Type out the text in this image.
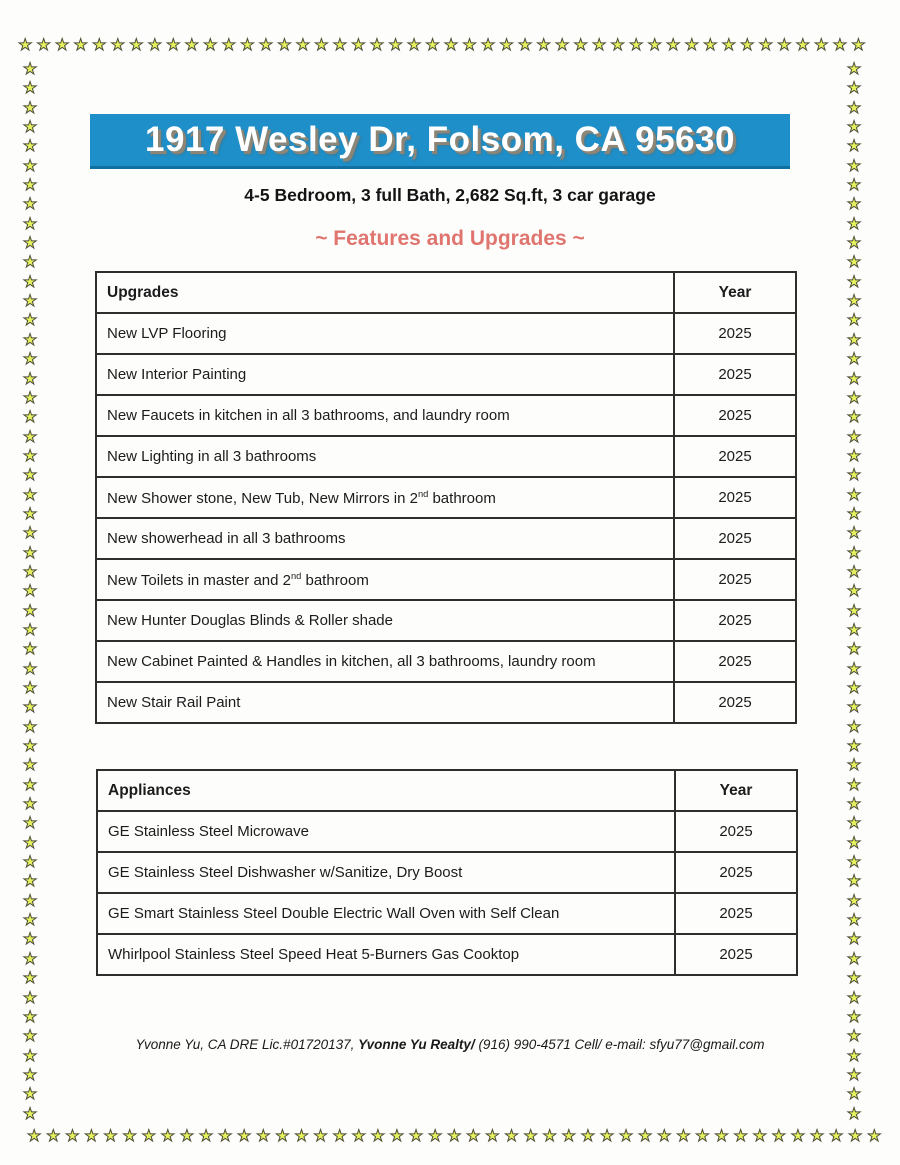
★ ★ ★ ★ ★ ★ ★ ★ ★ ★ ★ ★ ★ ★ ★ ★ ★ ★ ★ ★ ★ ★ ★ ★ ★ ★ ★ ★ ★ ★ ★ ★ ★ ★ ★ ★ ★ ★ ★ ★ ★ ★ ★ ★ ★ ★
★ ★ ★ ★ ★ ★ ★ ★ ★ ★ ★ ★ ★ ★ ★ ★ ★ ★ ★ ★ ★ ★ ★ ★ ★ ★ ★ ★ ★ ★ ★ ★ ★ ★ ★ ★ ★ ★ ★ ★ ★ ★ ★ ★ ★
★
★
★
★
★
★
★
★
★
★
★
★
★
★
★
★
★
★
★
★
★
★
★
★
★
★
★
★
★
★
★
★
★
★
★
★
★
★
★
★
★
★
★
★
★
★
★
★
★
★
★
★
★
★
★
★
★
★
★
★
★
★
★
★
★
★
★
★
★
★
★
★
★
★
★
★
★
★
★
★
★
★
★
★
★
★
★
★
★
★
★
★
★
★
★
★
★
★
★
★
★
★
★
★
★
★
★
★
★
★
1917 Wesley Dr, Folsom, CA 95630
4-5 Bedroom, 3 full Bath, 2,682 Sq.ft, 3 car garage
~ Features and Upgrades ~
Upgrades	Year
New LVP Flooring	2025
New Interior Painting	2025
New Faucets in kitchen in all 3 bathrooms, and laundry room	2025
New Lighting in all 3 bathrooms	2025
New Shower stone, New Tub, New Mirrors in 2nd bathroom	2025
New showerhead in all 3 bathrooms	2025
New Toilets in master and 2nd bathroom	2025
New Hunter Douglas Blinds & Roller shade	2025
New Cabinet Painted & Handles in kitchen, all 3 bathrooms, laundry room	2025
New Stair Rail Paint	2025
Appliances	Year
GE Stainless Steel Microwave	2025
GE Stainless Steel Dishwasher w/Sanitize, Dry Boost	2025
GE Smart Stainless Steel Double Electric Wall Oven with Self Clean	2025
Whirlpool Stainless Steel Speed Heat 5-Burners Gas Cooktop	2025
Yvonne Yu, CA DRE Lic.#01720137, Yvonne Yu Realty/ (916) 990-4571 Cell/ e-mail: sfyu77@gmail.com
